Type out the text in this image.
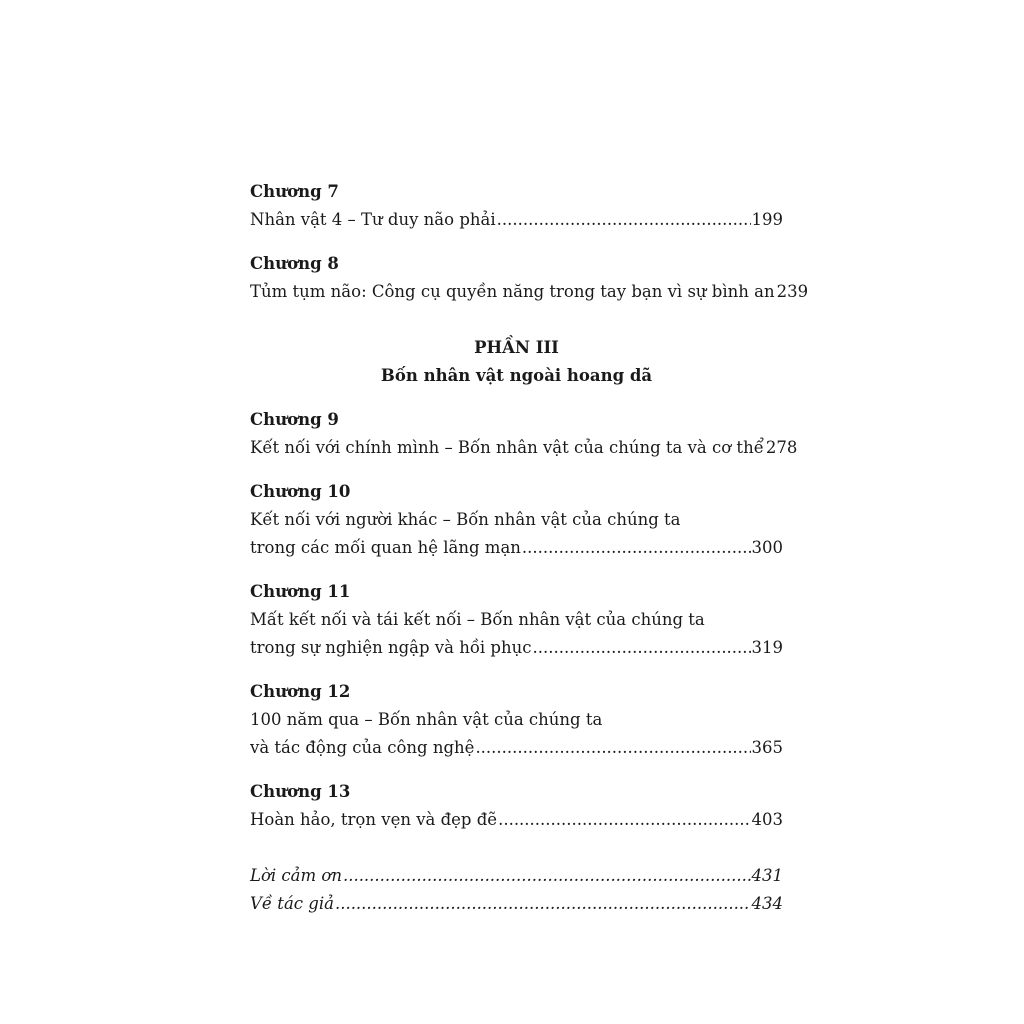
Chương 7
Nhân vật 4 – Tư duy não phải .....	199
Chương 8
Tủm tụm não: Công cụ quyền năng trong tay bạn vì sự bình an 239
PHẦN III
Bốn nhân vật ngoài hoang dã
Chương 9
Kết nối với chính mình – Bốn nhân vật của chúng ta và cơ thể 278
Chương 10
Kết nối với người khác – Bốn nhân vật của chúng ta
trong các mối quan hệ lãng mạn .....	300
Chương 11
Mất kết nối và tái kết nối – Bốn nhân vật của chúng ta
trong sự nghiện ngập và hồi phục .....	319
Chương 12
100 năm qua – Bốn nhân vật của chúng ta
và tác động của công nghệ .....	365
Chương 13
Hoàn hảo, trọn vẹn và đẹp đẽ .....	403
Lời cảm ơn .....	431
Về tác giả .....	434
